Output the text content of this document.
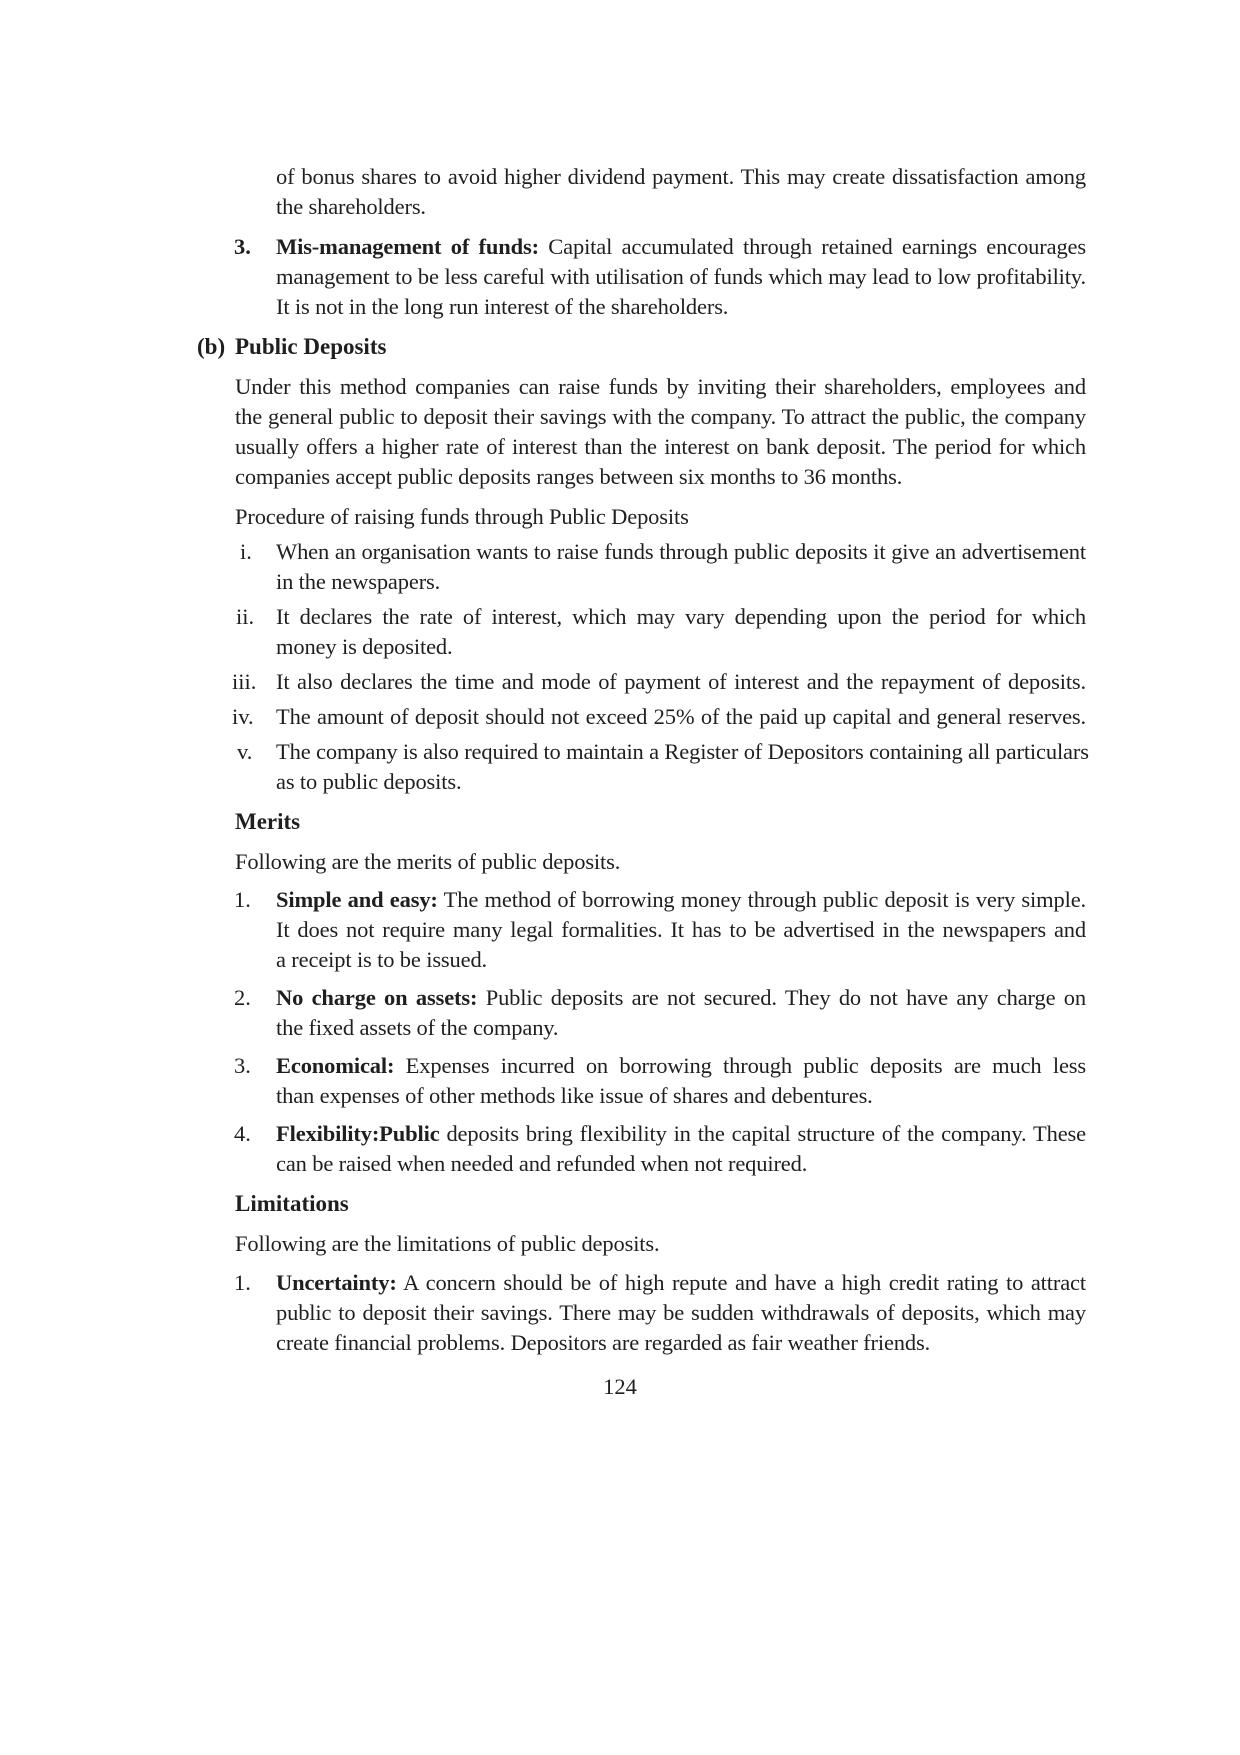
of bonus shares to avoid higher dividend payment. This may create dissatisfaction among
the shareholders.
3. Mis-management of funds: Capital accumulated through retained earnings encourages
management to be less careful with utilisation of funds which may lead to low profitability.
It is not in the long run interest of the shareholders.
(b) Public Deposits
Under this method companies can raise funds by inviting their shareholders, employees and
the general public to deposit their savings with the company. To attract the public, the company
usually offers a higher rate of interest than the interest on bank deposit. The period for which
companies accept public deposits ranges between six months to 36 months.
Procedure of raising funds through Public Deposits
i. When an organisation wants to raise funds through public deposits it give an advertisement
in the newspapers.
ii. It declares the rate of interest, which may vary depending upon the period for which
money is deposited.
iii. It also declares the time and mode of payment of interest and the repayment of deposits.
iv. The amount of deposit should not exceed 25% of the paid up capital and general reserves.
v. The company is also required to maintain a Register of Depositors containing all particulars
as to public deposits.
Merits
Following are the merits of public deposits.
1. Simple and easy: The method of borrowing money through public deposit is very simple.
It does not require many legal formalities. It has to be advertised in the newspapers and
a receipt is to be issued.
2. No charge on assets: Public deposits are not secured. They do not have any charge on
the fixed assets of the company.
3. Economical: Expenses incurred on borrowing through public deposits are much less
than expenses of other methods like issue of shares and debentures.
4. Flexibility:Public deposits bring flexibility in the capital structure of the company. These
can be raised when needed and refunded when not required.
Limitations
Following are the limitations of public deposits.
1. Uncertainty: A concern should be of high repute and have a high credit rating to attract
public to deposit their savings. There may be sudden withdrawals of deposits, which may
create financial problems. Depositors are regarded as fair weather friends.
124
